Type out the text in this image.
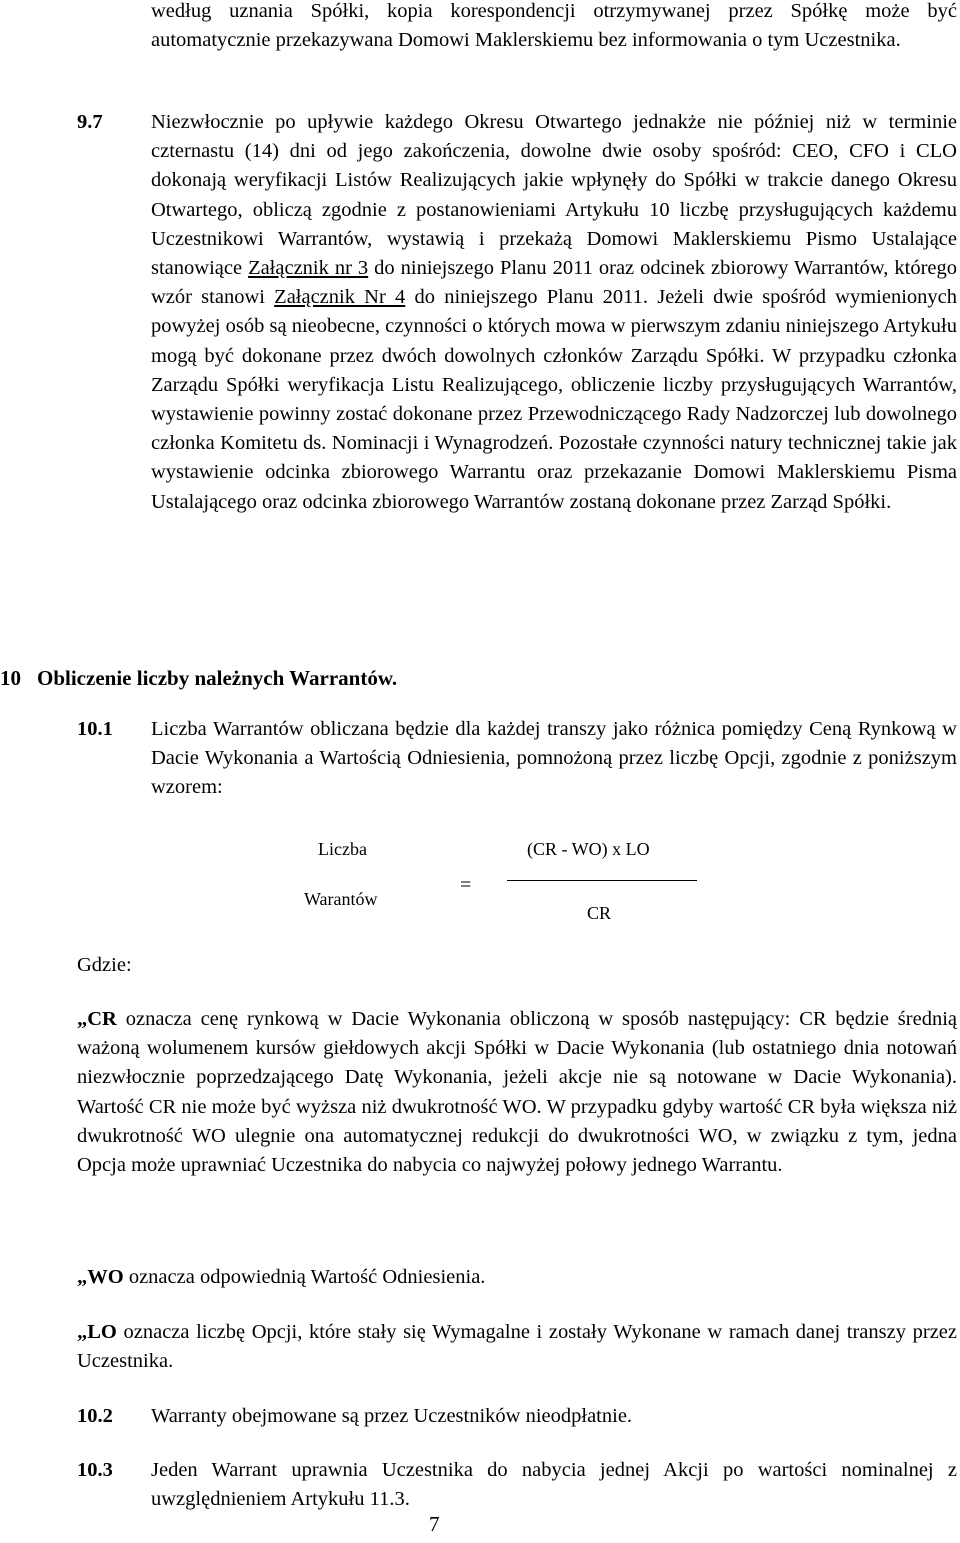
według uznania Spółki, kopia korespondencji otrzymywanej przez Spółkę może być automatycznie przekazywana Domowi Maklerskiemu bez informowania o tym Uczestnika.

9.7 Niezwłocznie po upływie każdego Okresu Otwartego jednakże nie później niż w terminie czternastu (14) dni od jego zakończenia, dowolne dwie osoby spośród: CEO, CFO i CLO dokonają weryfikacji Listów Realizujących jakie wpłynęły do Spółki w trakcie danego Okresu Otwartego, obliczą zgodnie z postanowieniami Artykułu 10 liczbę przysługujących każdemu Uczestnikowi Warrantów, wystawią i przekażą Domowi Maklerskiemu Pismo Ustalające stanowiące Załącznik nr 3 do niniejszego Planu 2011 oraz odcinek zbiorowy Warrantów, którego wzór stanowi Załącznik Nr 4 do niniejszego Planu 2011. Jeżeli dwie spośród wymienionych powyżej osób są nieobecne, czynności o których mowa w pierwszym zdaniu niniejszego Artykułu mogą być dokonane przez dwóch dowolnych członków Zarządu Spółki. W przypadku członka Zarządu Spółki weryfikacja Listu Realizującego, obliczenie liczby przysługujących Warrantów, wystawienie powinny zostać dokonane przez Przewodniczącego Rady Nadzorczej lub dowolnego członka Komitetu ds. Nominacji i Wynagrodzeń. Pozostałe czynności natury technicznej takie jak wystawienie odcinka zbiorowego Warrantu oraz przekazanie Domowi Maklerskiemu Pisma Ustalającego oraz odcinka zbiorowego Warrantów zostaną dokonane przez Zarząd Spółki.

10 Obliczenie liczby należnych Warrantów.
10.1 Liczba Warrantów obliczana będzie dla każdej transzy jako różnica pomiędzy Ceną Rynkową w Dacie Wykonania a Wartością Odniesienia, pomnożoną przez liczbę Opcji, zgodnie z poniższym wzorem:

Liczba
Warantów
=
(CR - WO) x LO
CR
Gdzie:

„CR oznacza cenę rynkową w Dacie Wykonania obliczoną w sposób następujący: CR będzie średnią ważoną wolumenem kursów giełdowych akcji Spółki w Dacie Wykonania (lub ostatniego dnia notowań niezwłocznie poprzedzającego Datę Wykonania, jeżeli akcje nie są notowane w Dacie Wykonania). Wartość CR nie może być wyższa niż dwukrotność WO. W przypadku gdyby wartość CR była większa niż dwukrotność WO ulegnie ona automatycznej redukcji do dwukrotności WO, w związku z tym, jedna Opcja może uprawniać Uczestnika do nabycia co najwyżej połowy jednego Warrantu.

„WO oznacza odpowiednią Wartość Odniesienia.

„LO oznacza liczbę Opcji, które stały się Wymagalne i zostały Wykonane w ramach danej transzy przez Uczestnika.

10.2 Warranty obejmowane są przez Uczestników nieodpłatnie.

10.3 Jeden Warrant uprawnia Uczestnika do nabycia jednej Akcji po wartości nominalnej z uwzględnieniem Artykułu 11.3.

7
